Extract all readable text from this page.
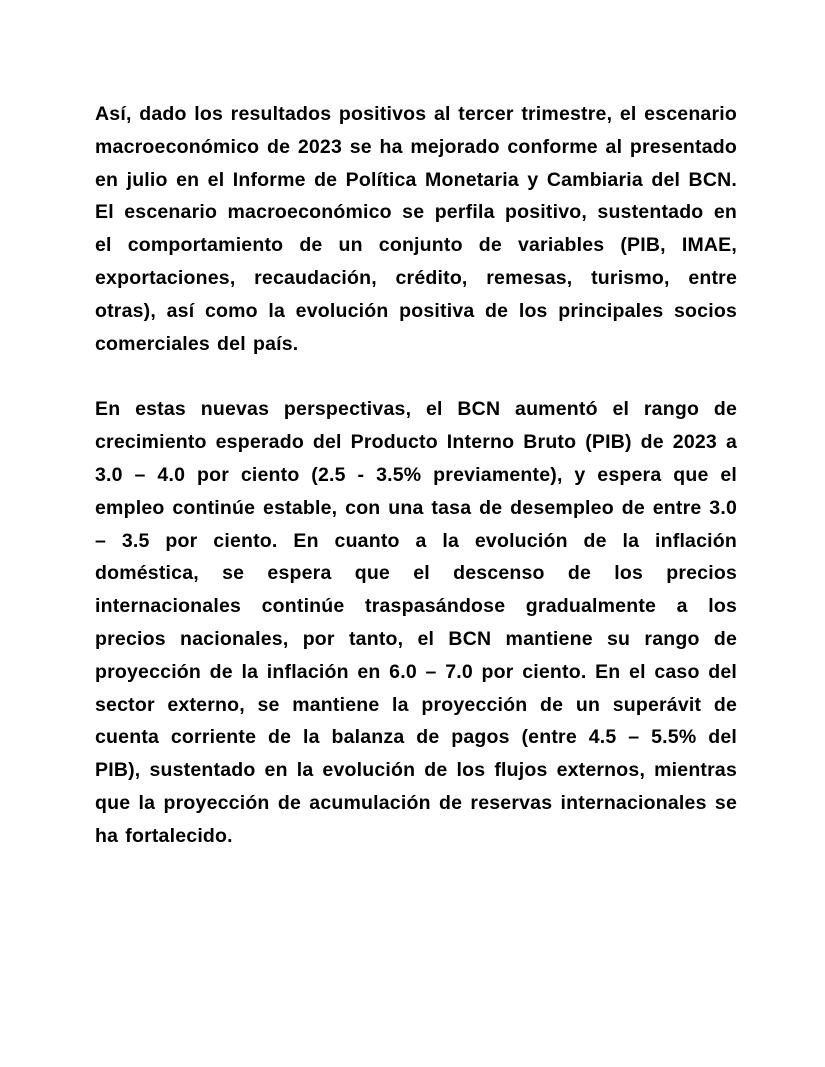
Así, dado los resultados positivos al tercer trimestre, el escenario macroeconómico de 2023 se ha mejorado conforme al presentado en julio en el Informe de Política Monetaria y Cambiaria del BCN. El escenario macroeconómico se perfila positivo, sustentado en el comportamiento de un conjunto de variables (PIB, IMAE, exportaciones, recaudación, crédito, remesas, turismo, entre otras), así como la evolución positiva de los principales socios comerciales del país.

En estas nuevas perspectivas, el BCN aumentó el rango de crecimiento esperado del Producto Interno Bruto (PIB) de 2023 a 3.0 – 4.0 por ciento (2.5 - 3.5% previamente), y espera que el empleo continúe estable, con una tasa de desempleo de entre 3.0 – 3.5 por ciento. En cuanto a la evolución de la inflación doméstica, se espera que el descenso de los precios internacionales continúe traspasándose gradualmente a los precios nacionales, por tanto, el BCN mantiene su rango de proyección de la inflación en 6.0 – 7.0 por ciento. En el caso del sector externo, se mantiene la proyección de un superávit de cuenta corriente de la balanza de pagos (entre 4.5 – 5.5% del PIB), sustentado en la evolución de los flujos externos, mientras que la proyección de acumulación de reservas internacionales se ha fortalecido.
